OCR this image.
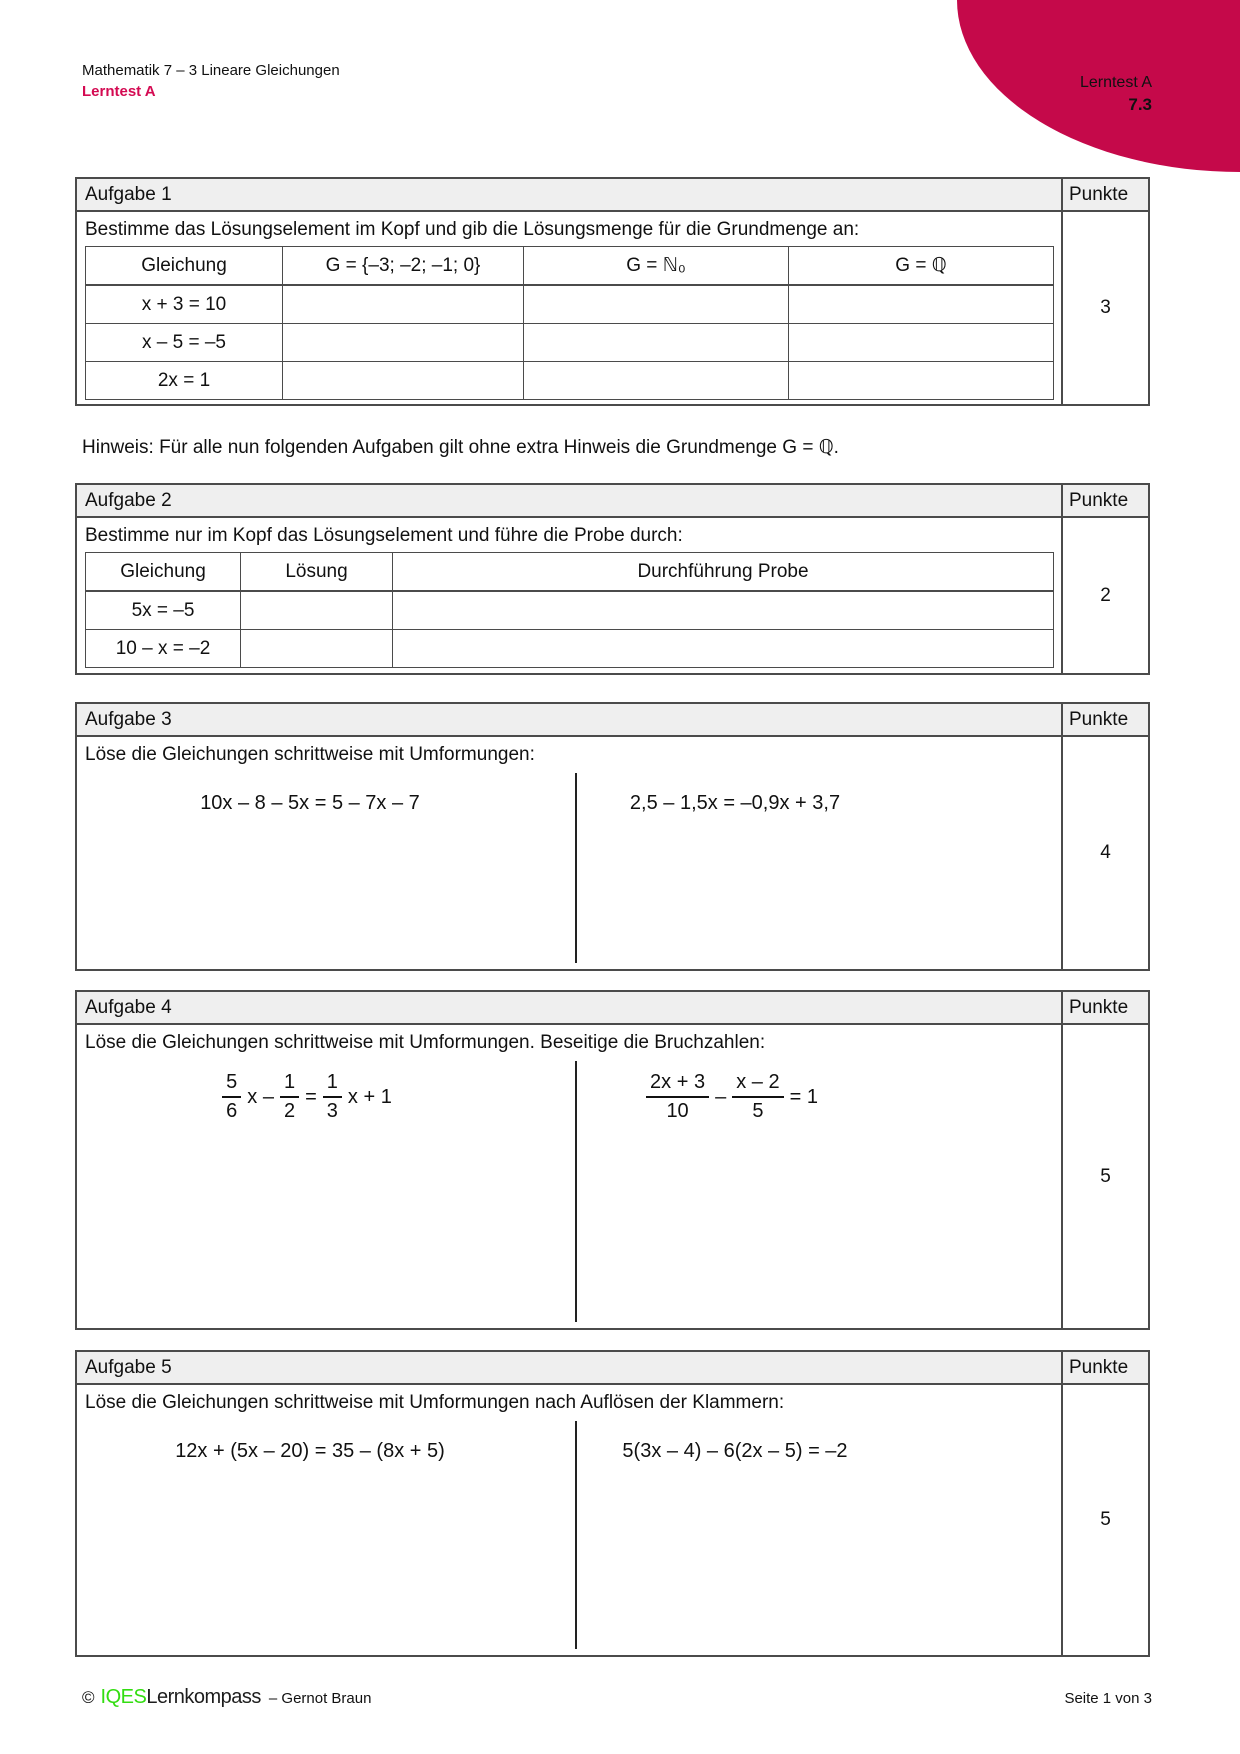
Lerntest A
7.3
Mathematik 7 – 3 Lineare Gleichungen
Lerntest A
Aufgabe 1	Punkte
Bestimme das Lösungselement im Kopf und gib die Lösungsmenge für die Grundmenge an:
Gleichung	G = {–3; –2; –1; 0}	G = ℕ₀	G = ℚ
x + 3 = 10			
x – 5 = –5			
2x = 1			
3
Hinweis: Für alle nun folgenden Aufgaben gilt ohne extra Hinweis die Grundmenge G = ℚ.
Aufgabe 2	Punkte
Bestimme nur im Kopf das Lösungselement und führe die Probe durch:
Gleichung	Lösung	Durchführung Probe
5x = –5		
10 – x = –2		
2
Aufgabe 3	Punkte
Löse die Gleichungen schrittweise mit Umformungen:
10x – 8 – 5x = 5 – 7x – 7	2,5 – 1,5x = –0,9x + 3,7
4
Aufgabe 4	Punkte
Löse die Gleichungen schrittweise mit Umformungen. Beseitige die Bruchzahlen:
$\frac{5}{6}$ $x - \frac{1}{2} = \frac{1}{3}$ x + 1	$\frac{2x + 3}{10} - \frac{x - 2}{5} = 1$
5
Aufgabe 5	Punkte
Löse die Gleichungen schrittweise mit Umformungen nach Auflösen der Klammern:
12x + (5x – 20) = 35 – (8x + 5)	5(3x – 4) – 6(2x – 5) = –2
5
© IQES Lernkompass – Gernot Braun	Seite 1 von 3
